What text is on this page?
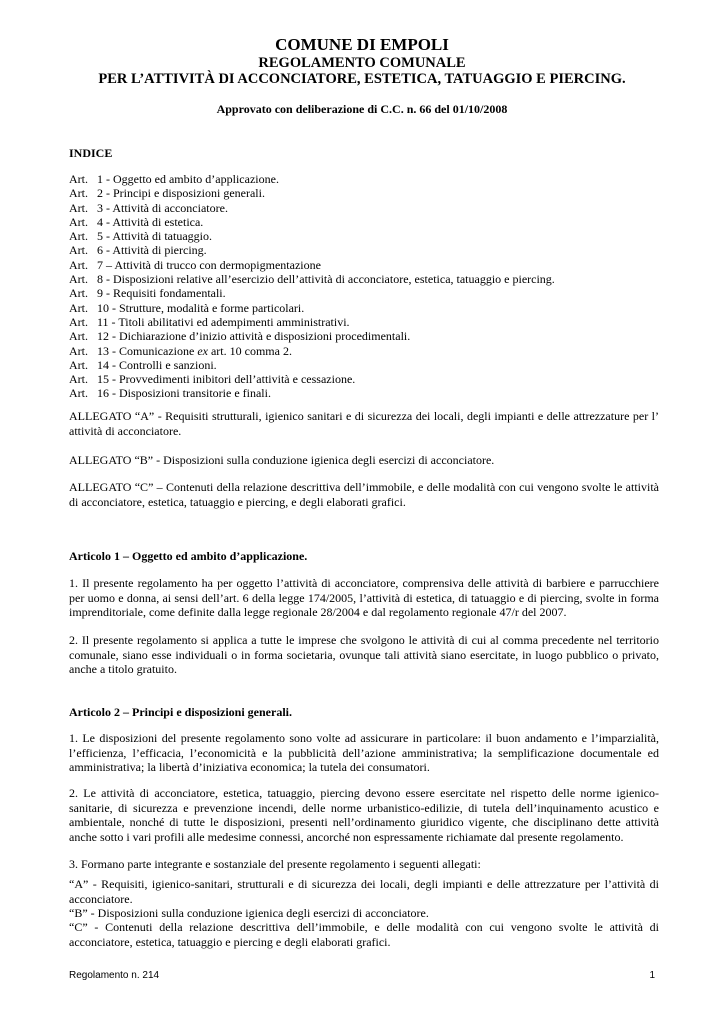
COMUNE DI EMPOLI
REGOLAMENTO COMUNALE
PER L’ATTIVITÀ DI ACCONCIATORE, ESTETICA, TATUAGGIO E PIERCING.
Approvato con deliberazione di C.C. n. 66 del 01/10/2008
INDICE
Art. 1 - Oggetto ed ambito d’applicazione.
Art. 2 - Principi e disposizioni generali.
Art. 3 - Attività di acconciatore.
Art. 4 - Attività di estetica.
Art. 5 - Attività di tatuaggio.
Art. 6 - Attività di piercing.
Art. 7 – Attività di trucco con dermopigmentazione
Art. 8 - Disposizioni relative all’esercizio dell’attività di acconciatore, estetica, tatuaggio e piercing.
Art. 9 - Requisiti fondamentali.
Art. 10 - Strutture, modalità e forme particolari.
Art. 11 - Titoli abilitativi ed adempimenti amministrativi.
Art. 12 - Dichiarazione d’inizio attività e disposizioni procedimentali.
Art. 13 - Comunicazione ex art. 10 comma 2.
Art. 14 - Controlli e sanzioni.
Art. 15 - Provvedimenti inibitori dell’attività e cessazione.
Art. 16 - Disposizioni transitorie e finali.

ALLEGATO “A” - Requisiti strutturali, igienico sanitari e di sicurezza dei locali, degli impianti e delle attrezzature per l’ attività di acconciatore.

ALLEGATO “B” - Disposizioni sulla conduzione igienica degli esercizi di acconciatore.

ALLEGATO “C” – Contenuti della relazione descrittiva dell’immobile, e delle modalità con cui vengono svolte le attività di acconciatore, estetica, tatuaggio e piercing, e degli elaborati grafici.

Articolo 1 – Oggetto ed ambito d’applicazione.

1. Il presente regolamento ha per oggetto l’attività di acconciatore, comprensiva delle attività di barbiere e parrucchiere per uomo e donna, ai sensi dell’art. 6 della legge 174/2005, l’attività di estetica, di tatuaggio e di piercing, svolte in forma imprenditoriale, come definite dalla legge regionale 28/2004 e dal regolamento regionale 47/r del 2007.

2. Il presente regolamento si applica a tutte le imprese che svolgono le attività di cui al comma precedente nel territorio comunale, siano esse individuali o in forma societaria, ovunque tali attività siano esercitate, in luogo pubblico o privato, anche a titolo gratuito.

Articolo 2 – Principi e disposizioni generali.

1. Le disposizioni del presente regolamento sono volte ad assicurare in particolare: il buon andamento e l’imparzialità, l’efficienza, l’efficacia, l’economicità e la pubblicità dell’azione amministrativa; la semplificazione documentale ed amministrativa; la libertà d’iniziativa economica; la tutela dei consumatori.

2. Le attività di acconciatore, estetica, tatuaggio, piercing devono essere esercitate nel rispetto delle norme igienico-sanitarie, di sicurezza e prevenzione incendi, delle norme urbanistico-edilizie, di tutela dell’inquinamento acustico e ambientale, nonché di tutte le disposizioni, presenti nell’ordinamento giuridico vigente, che disciplinano dette attività anche sotto i vari profili alle medesime connessi, ancorché non espressamente richiamate dal presente regolamento.

3. Formano parte integrante e sostanziale del presente regolamento i seguenti allegati:

“A” - Requisiti, igienico-sanitari, strutturali e di sicurezza dei locali, degli impianti e delle attrezzature per l’attività di acconciatore.

“B” - Disposizioni sulla conduzione igienica degli esercizi di acconciatore.

“C” - Contenuti della relazione descrittiva dell’immobile, e delle modalità con cui vengono svolte le attività di acconciatore, estetica, tatuaggio e piercing e degli elaborati grafici.

Regolamento n. 214	1
